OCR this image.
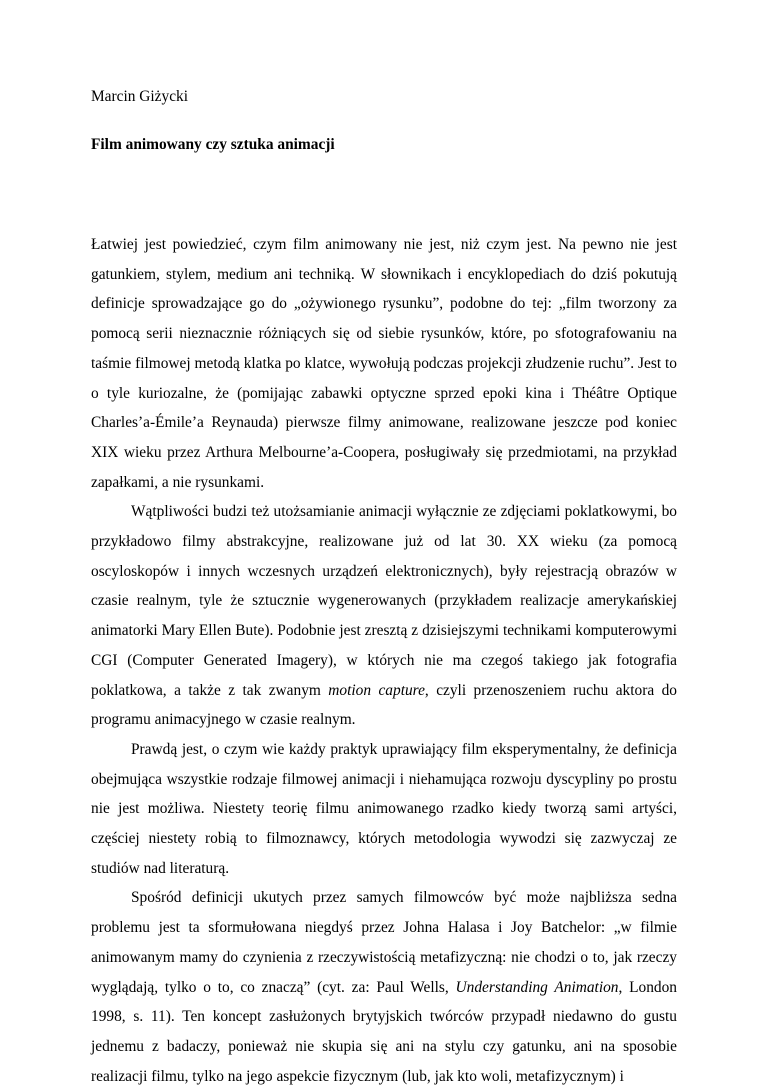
Marcin Giżycki

Film animowany czy sztuka animacji

Łatwiej jest powiedzieć, czym film animowany nie jest, niż czym jest. Na pewno nie jest gatunkiem, stylem, medium ani techniką. W słownikach i encyklopediach do dziś pokutują definicje sprowadzające go do „ożywionego rysunku”, podobne do tej: „film tworzony za pomocą serii nieznacznie różniących się od siebie rysunków, które, po sfotografowaniu na taśmie filmowej metodą klatka po klatce, wywołują podczas projekcji złudzenie ruchu”. Jest to o tyle kuriozalne, że (pomijając zabawki optyczne sprzed epoki kina i Théâtre Optique Charles’a-Émile’a Reynauda) pierwsze filmy animowane, realizowane jeszcze pod koniec XIX wieku przez Arthura Melbourne’a-Coopera, posługiwały się przedmiotami, na przykład zapałkami, a nie rysunkami.

Wątpliwości budzi też utożsamianie animacji wyłącznie ze zdjęciami poklatkowymi, bo przykładowo filmy abstrakcyjne, realizowane już od lat 30. XX wieku (za pomocą oscyloskopów i innych wczesnych urządzeń elektronicznych), były rejestracją obrazów w czasie realnym, tyle że sztucznie wygenerowanych (przykładem realizacje amerykańskiej animatorki Mary Ellen Bute). Podobnie jest zresztą z dzisiejszymi technikami komputerowymi CGI (Computer Generated Imagery), w których nie ma czegoś takiego jak fotografia poklatkowa, a także z tak zwanym motion capture, czyli przenoszeniem ruchu aktora do programu animacyjnego w czasie realnym.

Prawdą jest, o czym wie każdy praktyk uprawiający film eksperymentalny, że definicja obejmująca wszystkie rodzaje filmowej animacji i niehamująca rozwoju dyscypliny po prostu nie jest możliwa. Niestety teorię filmu animowanego rzadko kiedy tworzą sami artyści, częściej niestety robią to filmoznawcy, których metodologia wywodzi się zazwyczaj ze studiów nad literaturą.

Spośród definicji ukutych przez samych filmowców być może najbliższa sedna problemu jest ta sformułowana niegdyś przez Johna Halasa i Joy Batchelor: „w filmie animowanym mamy do czynienia z rzeczywistością metafizyczną: nie chodzi o to, jak rzeczy wyglądają, tylko o to, co znaczą” (cyt. za: Paul Wells, Understanding Animation, London 1998, s. 11). Ten koncept zasłużonych brytyjskich twórców przypadł niedawno do gustu jednemu z badaczy, ponieważ nie skupia się ani na stylu czy gatunku, ani na sposobie realizacji filmu, tylko na jego aspekcie fizycznym (lub, jak kto woli, metafizycznym) i
